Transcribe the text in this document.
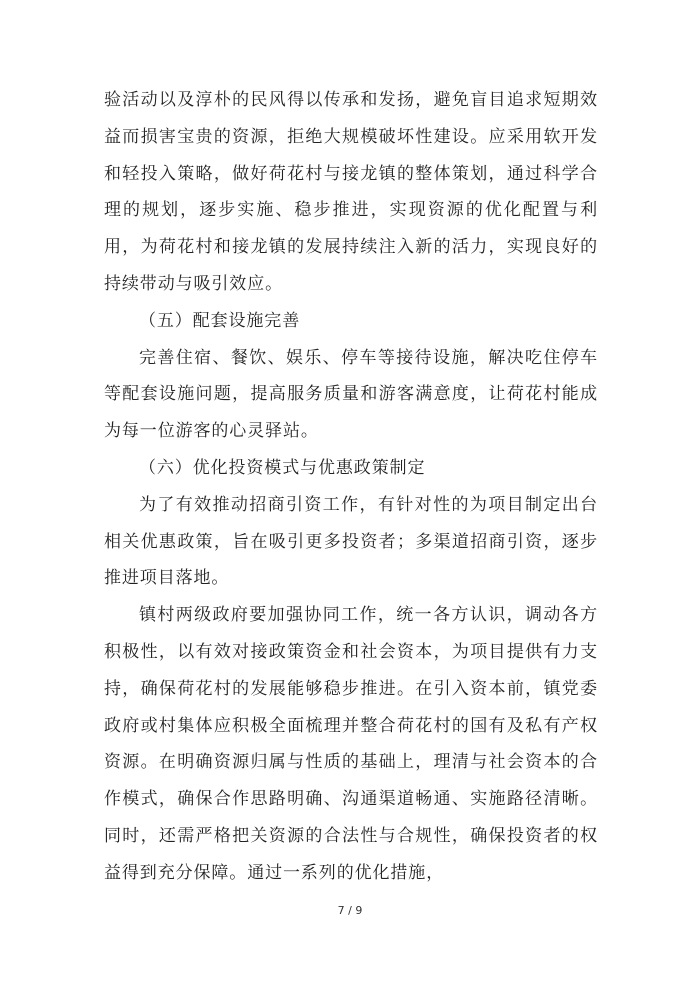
验活动以及淳朴的民风得以传承和发扬，避免盲目追求短期效益而损害宝贵的资源，拒绝大规模破坏性建设。应采用软开发和轻投入策略，做好荷花村与接龙镇的整体策划，通过科学合理的规划，逐步实施、稳步推进，实现资源的优化配置与利用，为荷花村和接龙镇的发展持续注入新的活力，实现良好的持续带动与吸引效应。

（五）配套设施完善

完善住宿、餐饮、娱乐、停车等接待设施，解决吃住停车等配套设施问题，提高服务质量和游客满意度，让荷花村能成为每一位游客的心灵驿站。

（六）优化投资模式与优惠政策制定

为了有效推动招商引资工作，有针对性的为项目制定出台相关优惠政策，旨在吸引更多投资者；多渠道招商引资，逐步推进项目落地。

镇村两级政府要加强协同工作，统一各方认识，调动各方积极性，以有效对接政策资金和社会资本，为项目提供有力支持，确保荷花村的发展能够稳步推进。在引入资本前，镇党委政府或村集体应积极全面梳理并整合荷花村的国有及私有产权资源。在明确资源归属与性质的基础上，理清与社会资本的合作模式，确保合作思路明确、沟通渠道畅通、实施路径清晰。同时，还需严格把关资源的合法性与合规性，确保投资者的权益得到充分保障。通过一系列的优化措施，

7 / 9
